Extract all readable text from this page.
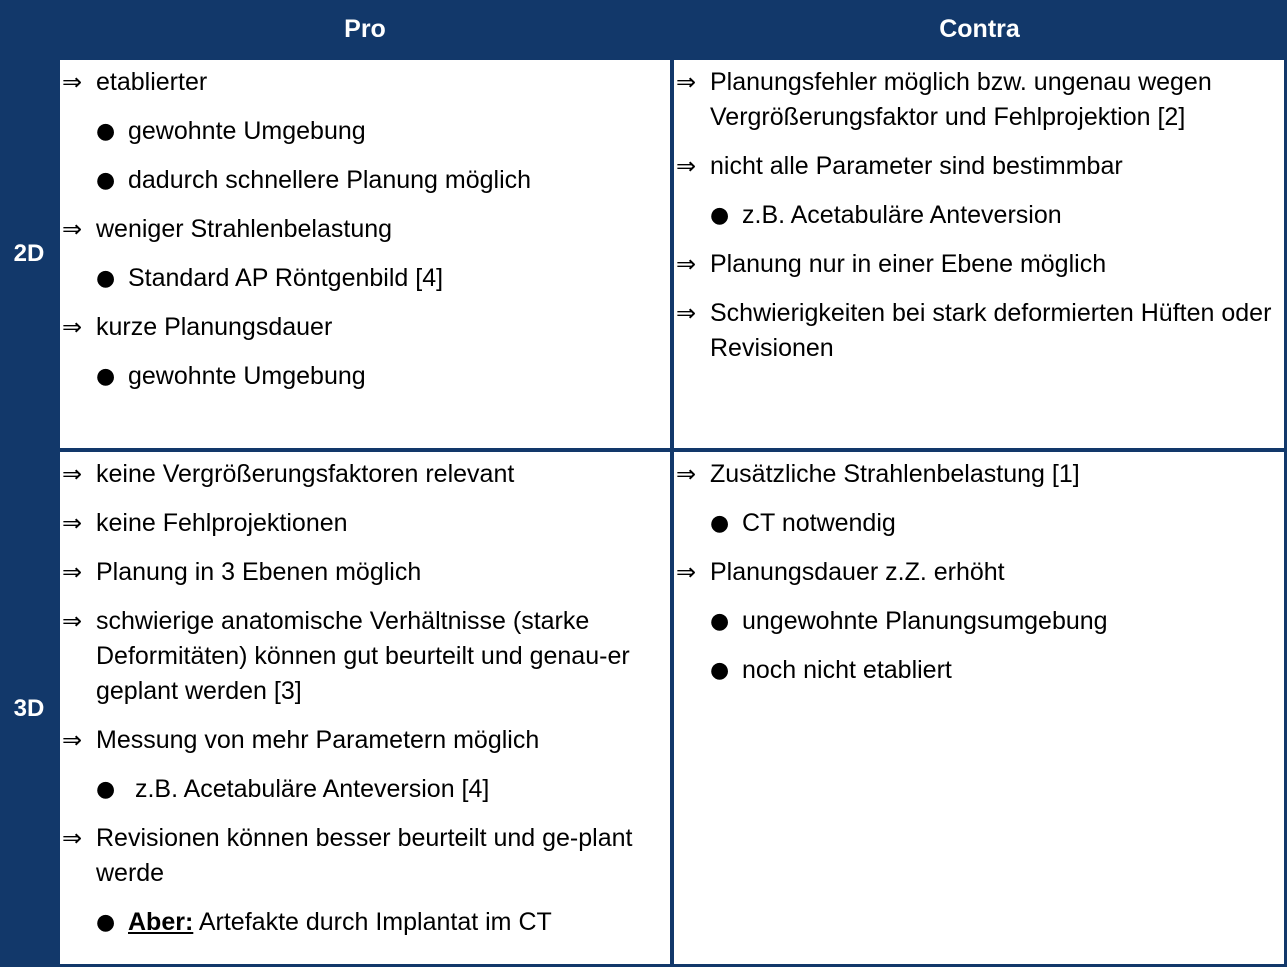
Pro	Contra
2D
3D
⇒ etablierter
● gewohnte Umgebung
● dadurch schnellere Planung möglich
⇒ weniger Strahlenbelastung
● Standard AP Röntgenbild [4]
⇒ kurze Planungsdauer
● gewohnte Umgebung
⇒ Planungsfehler möglich bzw. ungenau wegen Vergrößerungsfaktor und Fehlprojektion [2]
⇒ nicht alle Parameter sind bestimmbar
● z.B. Acetabuläre Anteversion
⇒ Planung nur in einer Ebene möglich
⇒ Schwierigkeiten bei stark deformierten Hüften oder Revisionen
⇒ keine Vergrößerungsfaktoren relevant
⇒ keine Fehlprojektionen
⇒ Planung in 3 Ebenen möglich
⇒ schwierige anatomische Verhältnisse (starke Deformitäten) können gut beurteilt und genau-er geplant werden [3]
⇒ Messung von mehr Parametern möglich
● z.B. Acetabuläre Anteversion [4]
⇒ Revisionen können besser beurteilt und ge-plant werde
● Aber: Artefakte durch Implantat im CT
⇒ Zusätzliche Strahlenbelastung [1]
● CT notwendig
⇒ Planungsdauer z.Z. erhöht
● ungewohnte Planungsumgebung
● noch nicht etabliert
